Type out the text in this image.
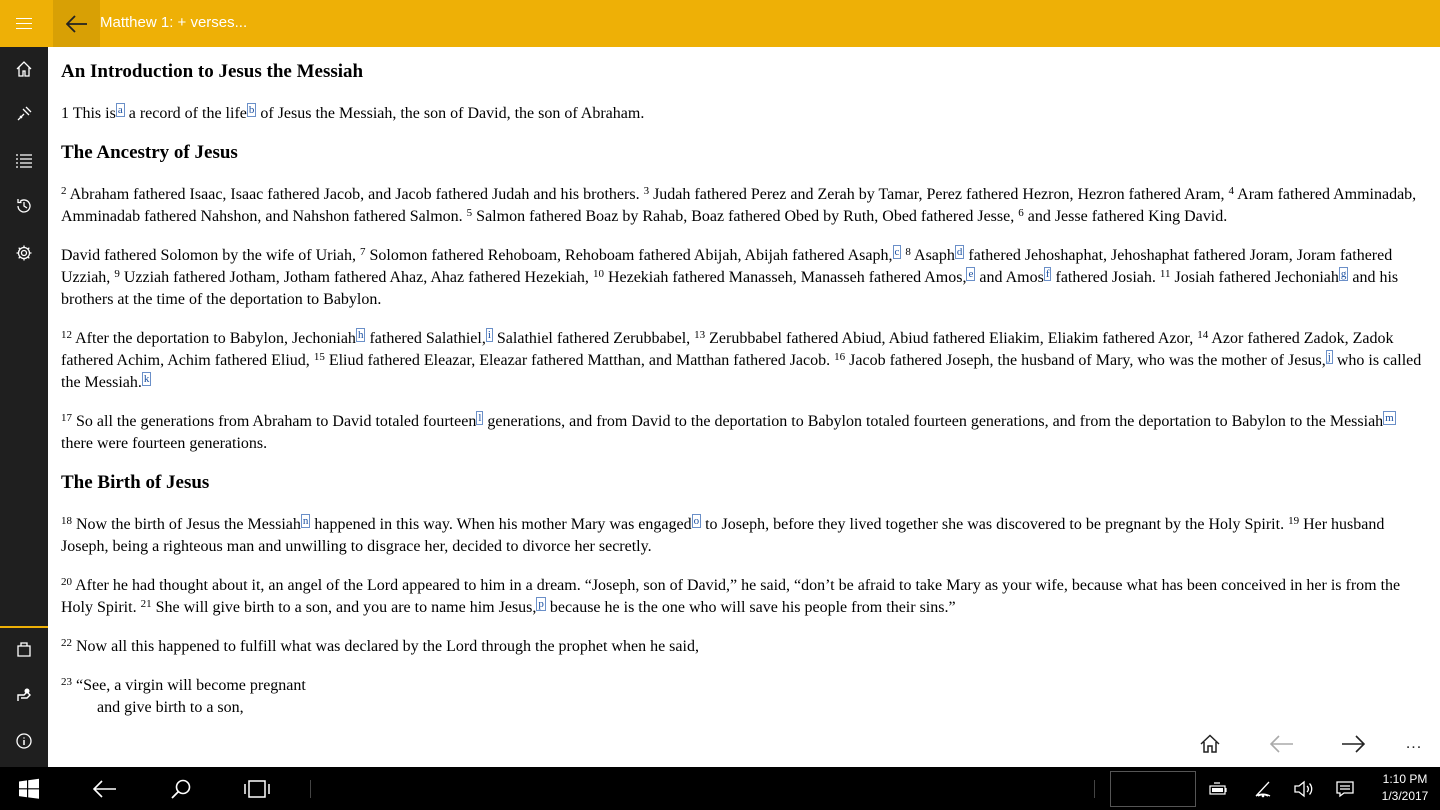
Matthew 1: + verses...
An Introduction to Jesus the Messiah

1 This is $^a$ a record of the life $^b$ of Jesus the Messiah, the son of David, the son of Abraham.

The Ancestry of Jesus

$^2$ Abraham fathered Isaac, Isaac fathered Jacob, and Jacob fathered Judah and his brothers. $^3$ Judah fathered Perez and Zerah by Tamar, Perez fathered Hezron, Hezron fathered Aram, $^4$ Aram fathered Amminadab, Amminadab fathered Nahshon, and Nahshon fathered Salmon. $^5$ Salmon fathered Boaz by Rahab, Boaz fathered Obed by Ruth, Obed fathered Jesse, $^6$ and Jesse fathered King David.

David fathered Solomon by the wife of Uriah, $^7$ Solomon fathered Rehoboam, Rehoboam fathered Abijah, Abijah fathered Asaph, $^c$ $^8$ Asaph $^d$ fathered Jehoshaphat, Jehoshaphat fathered Joram, Joram fathered Uzziah, $^9$ Uzziah fathered Jotham, Jotham fathered Ahaz, Ahaz fathered Hezekiah, $^{10}$ Hezekiah fathered Manasseh, Manasseh fathered Amos, $^e$ and Amos $^f$ fathered Josiah. $^{11}$ Josiah fathered Jechoniah $^g$ and his brothers at the time of the deportation to Babylon.

$^{12}$ After the deportation to Babylon, Jechoniah $^h$ fathered Salathiel, $^i$ Salathiel fathered Zerubbabel, $^{13}$ Zerubbabel fathered Abiud, Abiud fathered Eliakim, Eliakim fathered Azor, $^{14}$ Azor fathered Zadok, Zadok fathered Achim, Achim fathered Eliud, $^{15}$ Eliud fathered Eleazar, Eleazar fathered Matthan, and Matthan fathered Jacob. $^{16}$ Jacob fathered Joseph, the husband of Mary, who was the mother of Jesus, $^j$ who is called the Messiah. $^k$

$^{17}$ So all the generations from Abraham to David totaled fourteen $^l$ generations, and from David to the deportation to Babylon totaled fourteen generations, and from the deportation to Babylon to the Messiah $^m$ there were fourteen generations.

The Birth of Jesus

$^{18}$ Now the birth of Jesus the Messiah $^n$ happened in this way. When his mother Mary was engaged $^o$ to Joseph, before they lived together she was discovered to be pregnant by the Holy Spirit. $^{19}$ Her husband Joseph, being a righteous man and unwilling to disgrace her, decided to divorce her secretly.

$^{20}$ After he had thought about it, an angel of the Lord appeared to him in a dream. “Joseph, son of David,” he said, “don’t be afraid to take Mary as your wife, because what has been conceived in her is from the Holy Spirit. $^{21}$ She will give birth to a son, and you are to name him Jesus, $^p$ because he is the one who will save his people from their sins.”

$^{22}$ Now all this happened to fulfill what was declared by the Lord through the prophet when he said,

$^{23}$ “See, a virgin will become pregnant
and give birth to a son,
...
1:10 PM
1/3/2017
